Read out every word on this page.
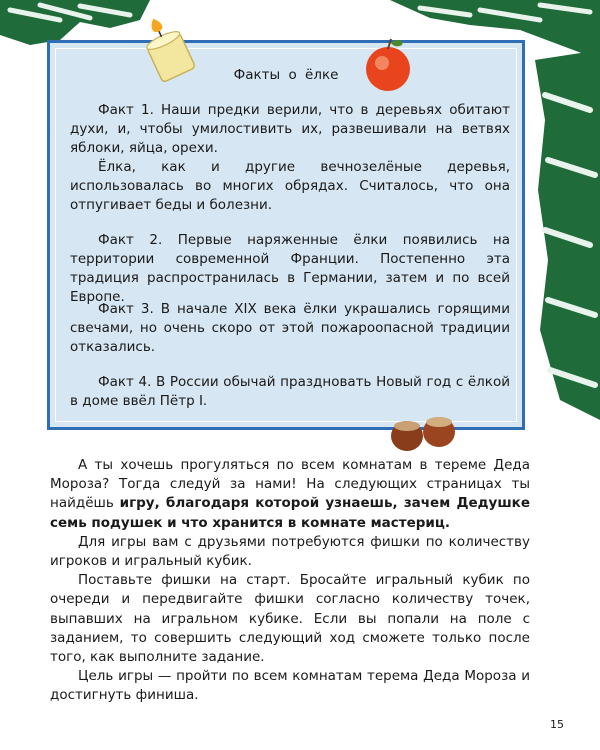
Факты о ёлке

Факт 1. Наши предки верили, что в деревьях обитают духи, и, чтобы умилостивить их, развешивали на ветвях яблоки, яйца, орехи.

Ёлка, как и другие вечнозелёные деревья, использовалась во многих обрядах. Считалось, что она отпугивает беды и болезни.

Факт 2. Первые наряженные ёлки появились на территории современной Франции. Постепенно эта традиция распространилась в Германии, затем и по всей Европе.

Факт 3. В начале XIX века ёлки украшались горящими свечами, но очень скоро от этой пожароопасной традиции отказались.

Факт 4. В России обычай праздновать Новый год с ёлкой в доме ввёл Пётр I.

А ты хочешь прогуляться по всем комнатам в тереме Деда Мороза? Тогда следуй за нами! На следующих страницах ты найдёшь игру, благодаря которой узнаешь, зачем Дедушке семь подушек и что хранится в комнате мастериц.

Для игры вам с друзьями потребуются фишки по количеству игроков и игральный кубик.

Поставьте фишки на старт. Бросайте игральный кубик по очереди и передвигайте фишки согласно количеству точек, выпавших на игральном кубике. Если вы попали на поле с заданием, то совершить следующий ход сможете только после того, как выполните задание.

Цель игры — пройти по всем комнатам терема Деда Мороза и достигнуть финиша.

15
